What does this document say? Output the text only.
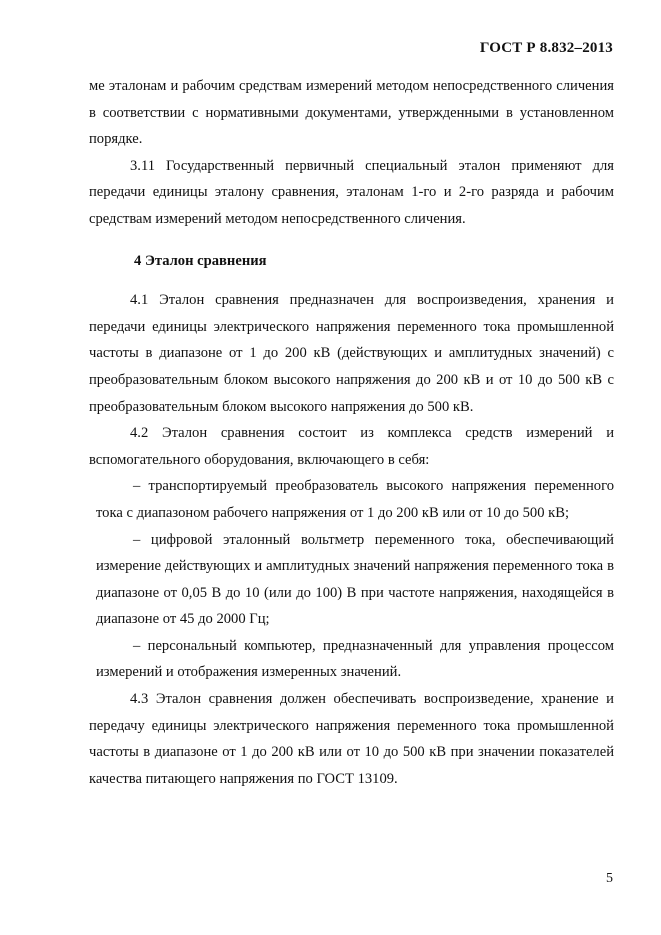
ГОСТ Р 8.832–2013

ме эталонам и рабочим средствам измерений методом непосредственного сличения в соответствии с нормативными документами, утвержденными в установленном порядке.

3.11 Государственный первичный специальный эталон применяют для передачи единицы эталону сравнения, эталонам 1-го и 2-го разряда и рабочим средствам измерений методом непосредственного сличения.

4 Эталон сравнения

4.1 Эталон сравнения предназначен для воспроизведения, хранения и передачи единицы электрического напряжения переменного тока промышленной частоты в диапазоне от 1 до 200 кВ (действующих и амплитудных значений) с преобразовательным блоком высокого напряжения до 200 кВ и от 10 до 500 кВ с преобразовательным блоком высокого напряжения до 500 кВ.

4.2 Эталон сравнения состоит из комплекса средств измерений и вспомогательного оборудования, включающего в себя:

– транспортируемый преобразователь высокого напряжения переменного тока с диапазоном рабочего напряжения от 1 до 200 кВ или от 10 до 500 кВ;

– цифровой эталонный вольтметр переменного тока, обеспечивающий измерение действующих и амплитудных значений напряжения переменного тока в диапазоне от 0,05 В до 10 (или до 100) В при частоте напряжения, находящейся в диапазоне от 45 до 2000 Гц;

– персональный компьютер, предназначенный для управления процессом измерений и отображения измеренных значений.

4.3 Эталон сравнения должен обеспечивать воспроизведение, хранение и передачу единицы электрического напряжения переменного тока промышленной частоты в диапазоне от 1 до 200 кВ или от 10 до 500 кВ при значении показателей качества питающего напряжения по ГОСТ 13109.

5
